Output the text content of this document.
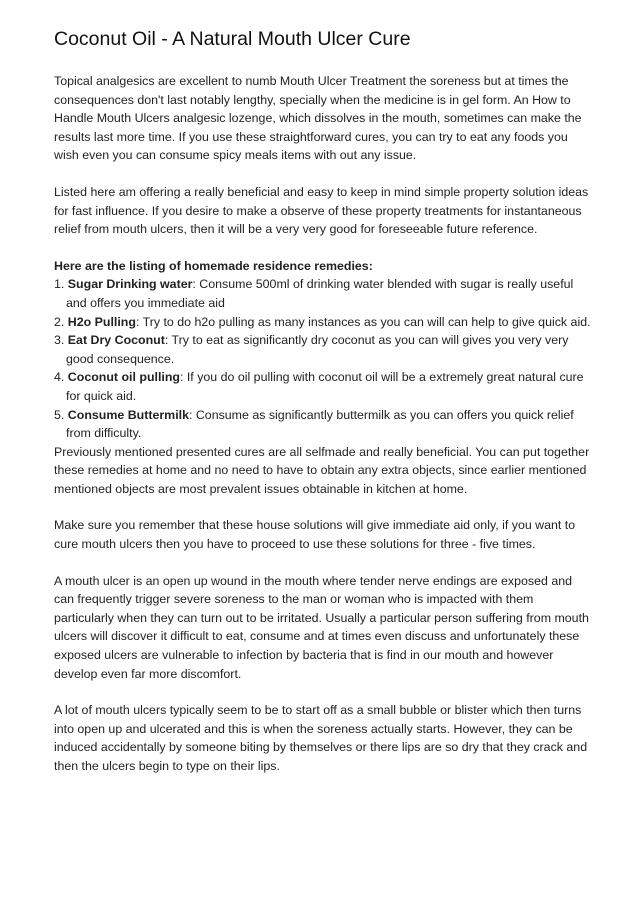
Coconut Oil - A Natural Mouth Ulcer Cure

Topical analgesics are excellent to numb Mouth Ulcer Treatment the soreness but at times the consequences don't last notably lengthy, specially when the medicine is in gel form. An How to Handle Mouth Ulcers analgesic lozenge, which dissolves in the mouth, sometimes can make the results last more time. If you use these straightforward cures, you can try to eat any foods you wish even you can consume spicy meals items with out any issue.

Listed here am offering a really beneficial and easy to keep in mind simple property solution ideas for fast influence. If you desire to make a observe of these property treatments for instantaneous relief from mouth ulcers, then it will be a very very good for foreseeable future reference.

Here are the listing of homemade residence remedies:
1. Sugar Drinking water: Consume 500ml of drinking water blended with sugar is really useful and offers you immediate aid
2. H2o Pulling: Try to do h2o pulling as many instances as you can will can help to give quick aid.
3. Eat Dry Coconut: Try to eat as significantly dry coconut as you can will gives you very very good consequence.
4. Coconut oil pulling: If you do oil pulling with coconut oil will be a extremely great natural cure for quick aid.
5. Consume Buttermilk: Consume as significantly buttermilk as you can offers you quick relief from difficulty.

Previously mentioned presented cures are all selfmade and really beneficial. You can put together these remedies at home and no need to have to obtain any extra objects, since earlier mentioned mentioned objects are most prevalent issues obtainable in kitchen at home.

Make sure you remember that these house solutions will give immediate aid only, if you want to cure mouth ulcers then you have to proceed to use these solutions for three - five times.

A mouth ulcer is an open up wound in the mouth where tender nerve endings are exposed and can frequently trigger severe soreness to the man or woman who is impacted with them particularly when they can turn out to be irritated. Usually a particular person suffering from mouth ulcers will discover it difficult to eat, consume and at times even discuss and unfortunately these exposed ulcers are vulnerable to infection by bacteria that is find in our mouth and however develop even far more discomfort.

A lot of mouth ulcers typically seem to be to start off as a small bubble or blister which then turns into open up and ulcerated and this is when the soreness actually starts. However, they can be induced accidentally by someone biting by themselves or there lips are so dry that they crack and then the ulcers begin to type on their lips.
